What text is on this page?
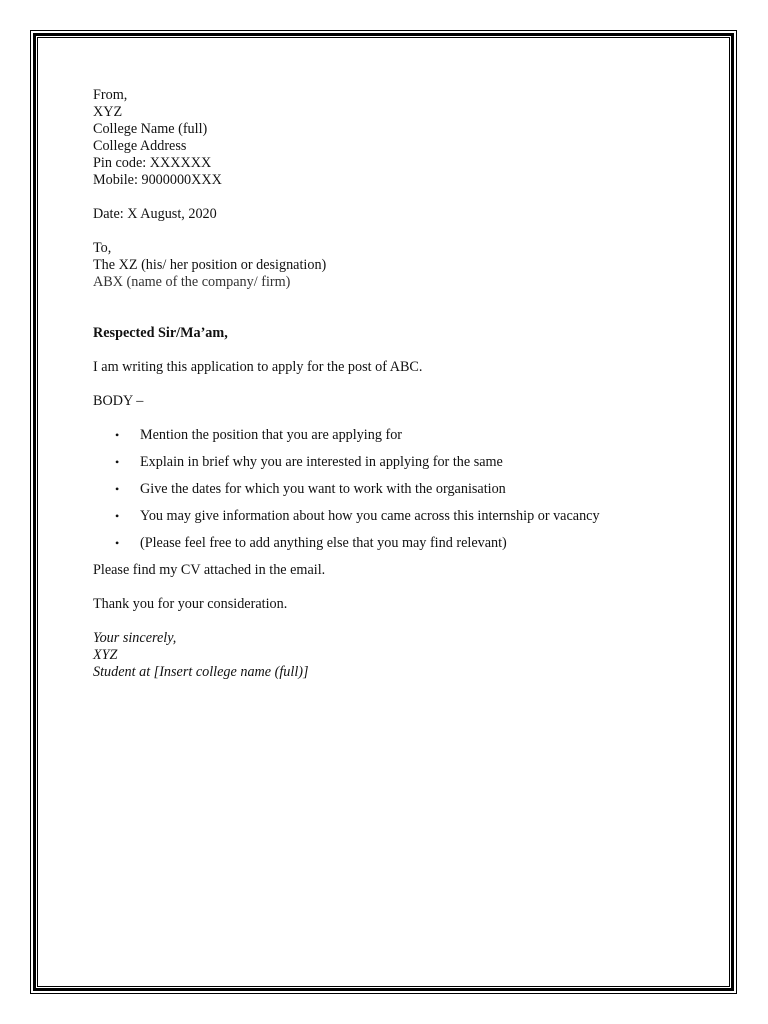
From,
XYZ
College Name (full)
College Address
Pin code: XXXXXX
Mobile: 9000000XXX
Date: X August, 2020
To,
The XZ (his/ her position or designation)
ABX (name of the company/ firm)
Respected Sir/Ma’am,
I am writing this application to apply for the post of ABC.
BODY –
• Mention the position that you are applying for
• Explain in brief why you are interested in applying for the same
• Give the dates for which you want to work with the organisation
• You may give information about how you came across this internship or vacancy
• (Please feel free to add anything else that you may find relevant)
Please find my CV attached in the email.
Thank you for your consideration.
Your sincerely,
XYZ
Student at [Insert college name (full)]
